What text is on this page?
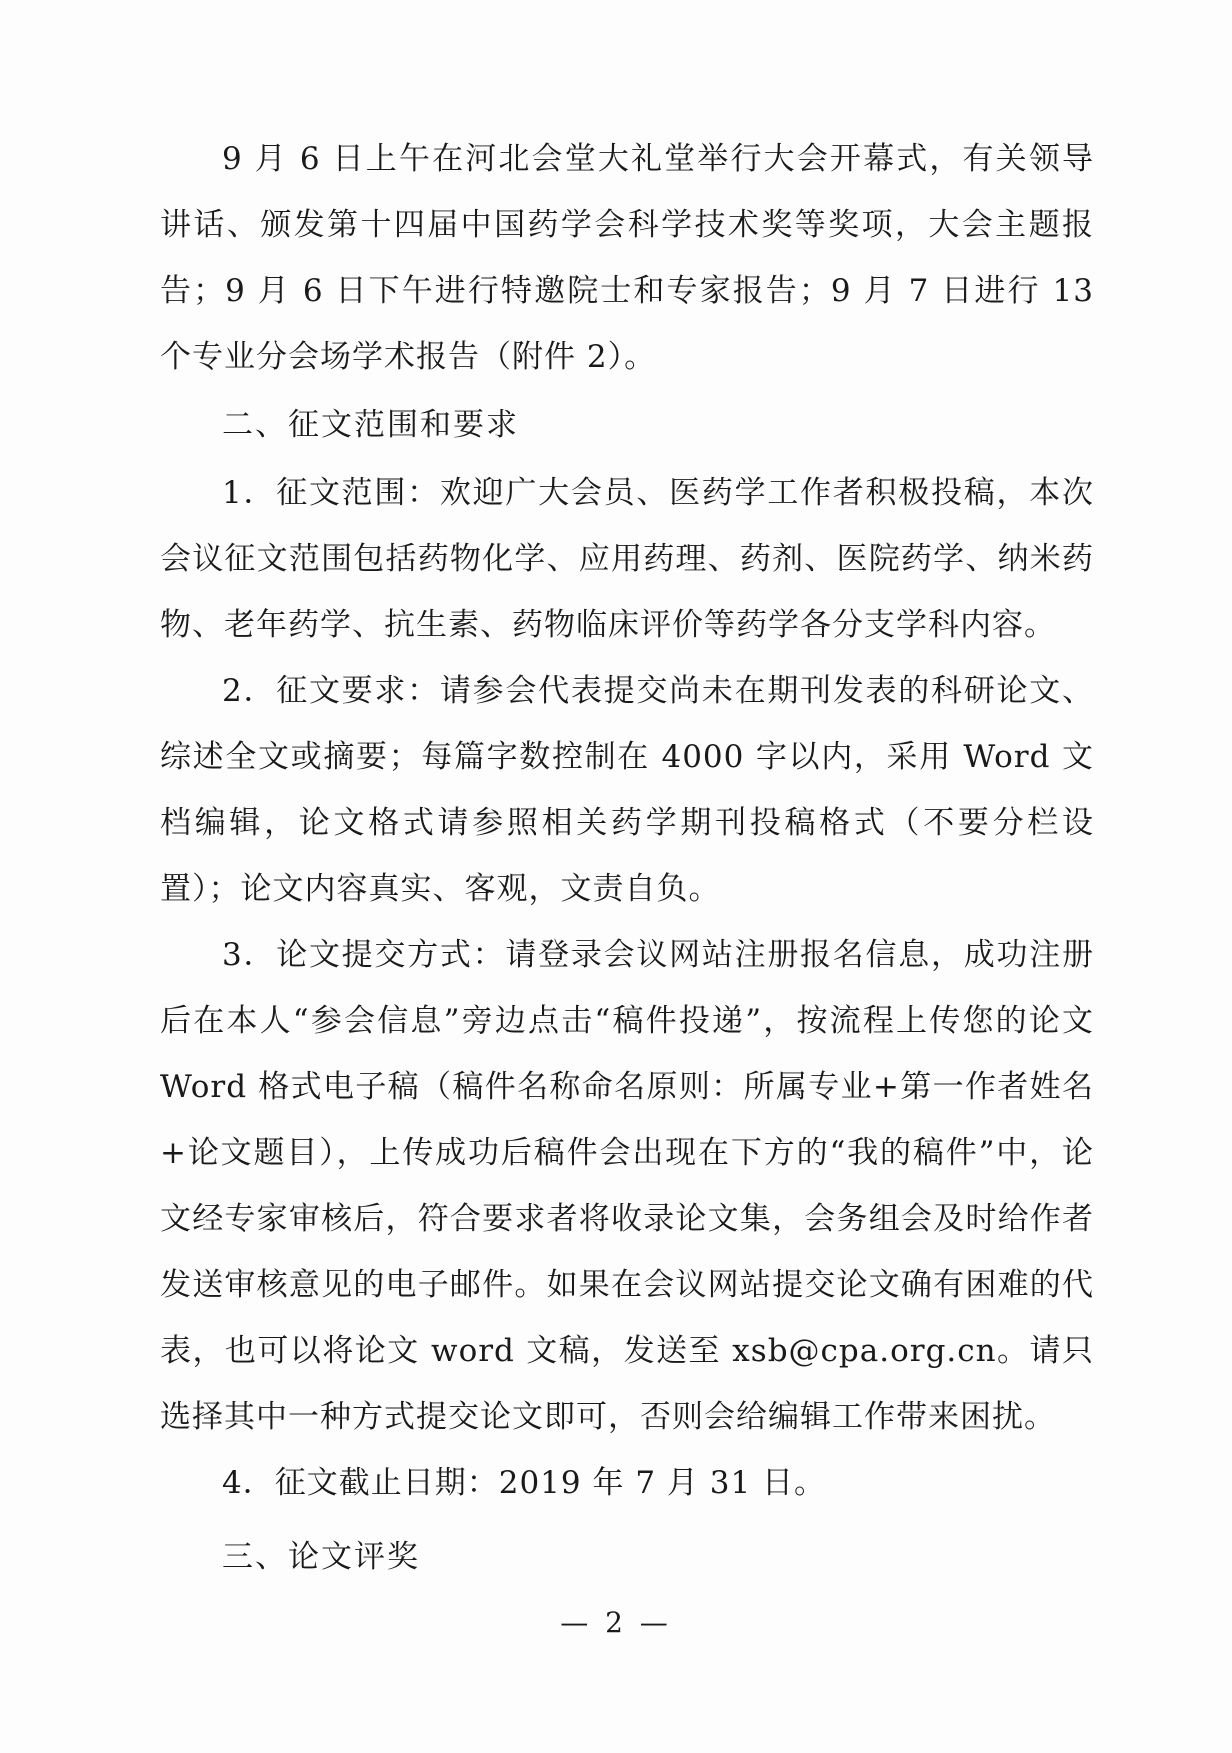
9 月 6 日上午在河北会堂大礼堂举行大会开幕式，有关领导讲话、颁发第十四届中国药学会科学技术奖等奖项，大会主题报告；9 月 6 日下午进行特邀院士和专家报告；9 月 7 日进行 13 个专业分会场学术报告（附件 2）。

二、征文范围和要求

1．征文范围：欢迎广大会员、医药学工作者积极投稿，本次会议征文范围包括药物化学、应用药理、药剂、医院药学、纳米药物、老年药学、抗生素、药物临床评价等药学各分支学科内容。

2．征文要求：请参会代表提交尚未在期刊发表的科研论文、综述全文或摘要；每篇字数控制在 4000 字以内，采用 Word 文档编辑，论文格式请参照相关药学期刊投稿格式（不要分栏设置）；论文内容真实、客观，文责自负。

3．论文提交方式：请登录会议网站注册报名信息，成功注册后在本人“参会信息”旁边点击“稿件投递”，按流程上传您的论文 Word 格式电子稿（稿件名称命名原则：所属专业+第一作者姓名+论文题目），上传成功后稿件会出现在下方的“我的稿件”中，论文经专家审核后，符合要求者将收录论文集，会务组会及时给作者发送审核意见的电子邮件。如果在会议网站提交论文确有困难的代表，也可以将论文 word 文稿，发送至 xsb@cpa.org.cn。请只选择其中一种方式提交论文即可，否则会给编辑工作带来困扰。

4．征文截止日期：2019 年 7 月 31 日。

三、论文评奖

— 2 —
